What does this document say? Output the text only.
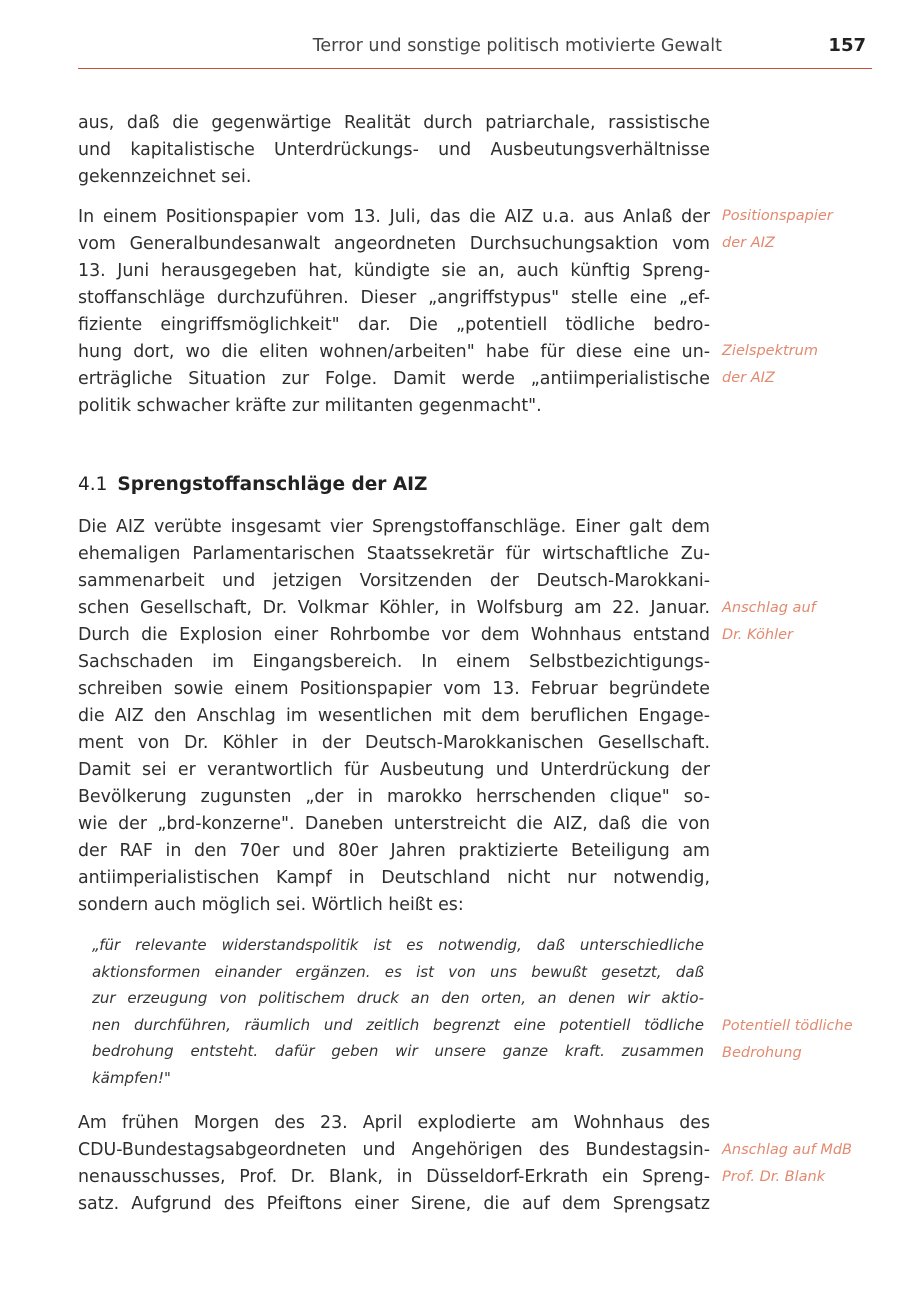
Terror und sonstige politisch motivierte Gewalt	157
aus, daß die gegenwärtige Realität durch patriarchale, rassistische
und kapitalistische Unterdrückungs- und Ausbeutungsverhältnisse
gekennzeichnet sei.
In einem Positionspapier vom 13. Juli, das die AIZ u.a. aus Anlaß der
vom Generalbundesanwalt angeordneten Durchsuchungsaktion vom
13. Juni herausgegeben hat, kündigte sie an, auch künftig Spreng-
stoffanschläge durchzuführen. Dieser „angriffstypus" stelle eine „ef-
fiziente eingriffsmöglichkeit" dar. Die „potentiell tödliche bedro-
hung dort, wo die eliten wohnen/arbeiten" habe für diese eine un-
erträgliche Situation zur Folge. Damit werde „antiimperialistische
politik schwacher kräfte zur militanten gegenmacht".
4.1 Sprengstoffanschläge der AIZ
Die AIZ verübte insgesamt vier Sprengstoffanschläge. Einer galt dem
ehemaligen Parlamentarischen Staatssekretär für wirtschaftliche Zu-
sammenarbeit und jetzigen Vorsitzenden der Deutsch-Marokkani-
schen Gesellschaft, Dr. Volkmar Köhler, in Wolfsburg am 22. Januar.
Durch die Explosion einer Rohrbombe vor dem Wohnhaus entstand
Sachschaden im Eingangsbereich. In einem Selbstbezichtigungs-
schreiben sowie einem Positionspapier vom 13. Februar begründete
die AIZ den Anschlag im wesentlichen mit dem beruflichen Engage-
ment von Dr. Köhler in der Deutsch-Marokkanischen Gesellschaft.
Damit sei er verantwortlich für Ausbeutung und Unterdrückung der
Bevölkerung zugunsten „der in marokko herrschenden clique" so-
wie der „brd-konzerne". Daneben unterstreicht die AIZ, daß die von
der RAF in den 70er und 80er Jahren praktizierte Beteiligung am
antiimperialistischen Kampf in Deutschland nicht nur notwendig,
sondern auch möglich sei. Wörtlich heißt es:
„für relevante widerstandspolitik ist es notwendig, daß unterschiedliche
aktionsformen einander ergänzen. es ist von uns bewußt gesetzt, daß
zur erzeugung von politischem druck an den orten, an denen wir aktio-
nen durchführen, räumlich und zeitlich begrenzt eine potentiell tödliche
bedrohung entsteht. dafür geben wir unsere ganze kraft. zusammen
kämpfen!"
Am frühen Morgen des 23. April explodierte am Wohnhaus des
CDU-Bundestagsabgeordneten und Angehörigen des Bundestagsin-
nenausschusses, Prof. Dr. Blank, in Düsseldorf-Erkrath ein Spreng-
satz. Aufgrund des Pfeiftons einer Sirene, die auf dem Sprengsatz
Positionspapier
der AIZ
Zielspektrum
der AIZ
Anschlag auf
Dr. Köhler
Potentiell tödliche
Bedrohung
Anschlag auf MdB
Prof. Dr. Blank
